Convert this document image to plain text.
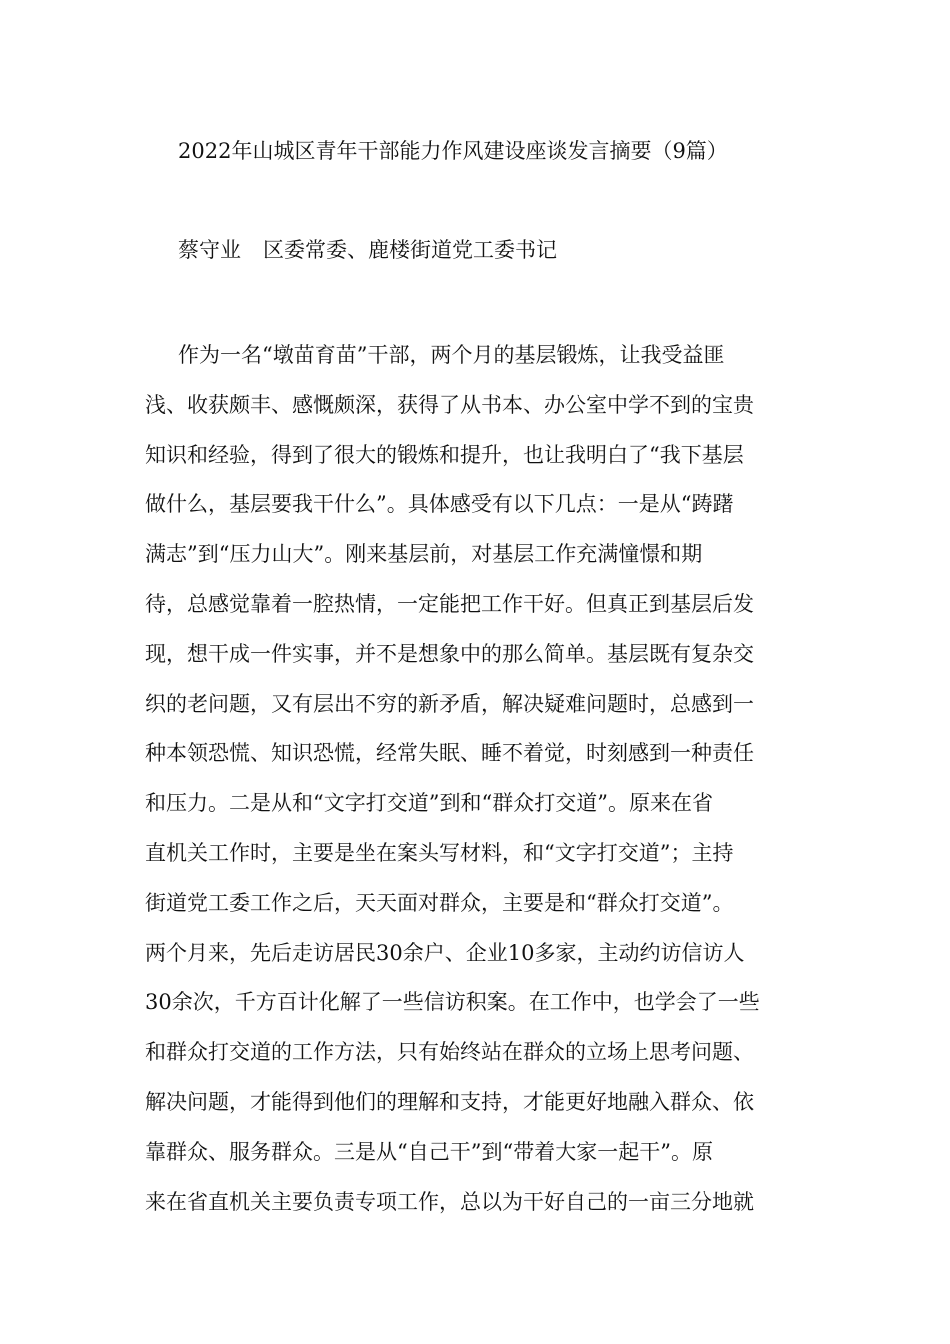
2022年山城区青年干部能力作风建设座谈发言摘要（9篇）
蔡守业 区委常委、鹿楼街道党工委书记
作为一名“墩苗育苗”干部，两个月的基层锻炼，让我受益匪
浅、收获颇丰、感慨颇深，获得了从书本、办公室中学不到的宝贵
知识和经验，得到了很大的锻炼和提升，也让我明白了“我下基层
做什么，基层要我干什么”。具体感受有以下几点：一是从“踌躇
满志”到“压力山大”。刚来基层前，对基层工作充满憧憬和期
待，总感觉靠着一腔热情，一定能把工作干好。但真正到基层后发
现，想干成一件实事，并不是想象中的那么简单。基层既有复杂交
织的老问题，又有层出不穷的新矛盾，解决疑难问题时，总感到一
种本领恐慌、知识恐慌，经常失眠、睡不着觉，时刻感到一种责任
和压力。二是从和“文字打交道”到和“群众打交道”。原来在省
直机关工作时，主要是坐在案头写材料，和“文字打交道”；主持
街道党工委工作之后，天天面对群众，主要是和“群众打交道”。
两个月来，先后走访居民30余户、企业10多家，主动约访信访人
30余次，千方百计化解了一些信访积案。在工作中，也学会了一些
和群众打交道的工作方法，只有始终站在群众的立场上思考问题、
解决问题，才能得到他们的理解和支持，才能更好地融入群众、依
靠群众、服务群众。三是从“自己干”到“带着大家一起干”。原
来在省直机关主要负责专项工作，总以为干好自己的一亩三分地就
